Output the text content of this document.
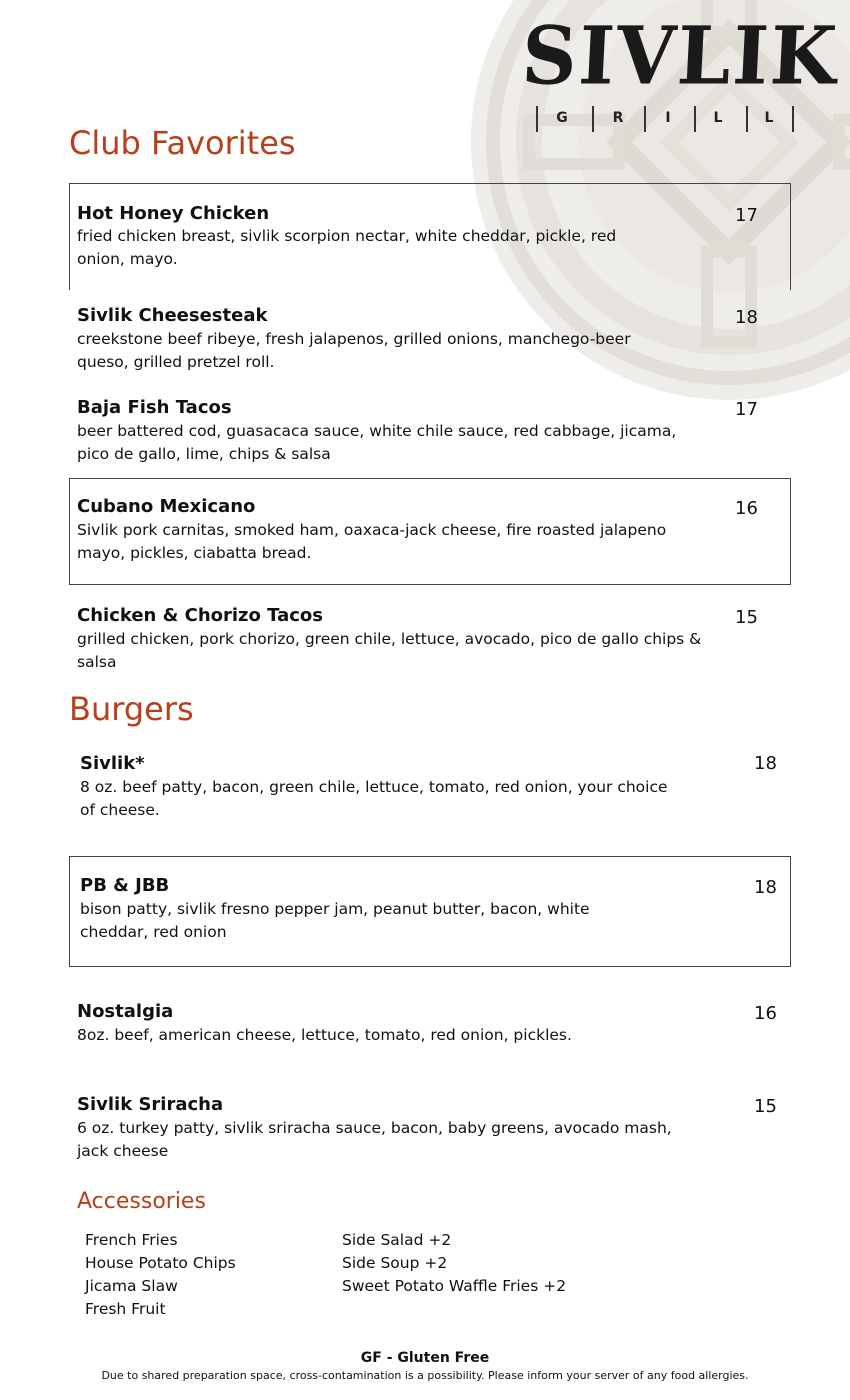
SIVLIK
G	R	I	L	L
Club Favorites
Hot Honey Chicken
fried chicken breast, sivlik scorpion nectar, white cheddar, pickle, red onion, mayo.
17
Sivlik Cheesesteak
creekstone beef ribeye, fresh jalapenos, grilled onions, manchego-beer queso, grilled pretzel roll.
18
Baja Fish Tacos
beer battered cod, guasacaca sauce, white chile sauce, red cabbage, jicama, pico de gallo, lime, chips & salsa
17
Cubano Mexicano
Sivlik pork carnitas, smoked ham, oaxaca-jack cheese, fire roasted jalapeno mayo, pickles, ciabatta bread.
16
Chicken & Chorizo Tacos
grilled chicken, pork chorizo, green chile, lettuce, avocado, pico de gallo chips & salsa
15
Burgers
Sivlik*
8 oz. beef patty, bacon, green chile, lettuce, tomato, red onion, your choice of cheese.
18
PB & JBB
bison patty, sivlik fresno pepper jam, peanut butter, bacon, white cheddar, red onion
18
Nostalgia
8oz. beef, american cheese, lettuce, tomato, red onion, pickles.
16
Sivlik Sriracha
6 oz. turkey patty, sivlik sriracha sauce, bacon, baby greens, avocado mash, jack cheese
15
Accessories
French Fries
House Potato Chips
Jicama Slaw
Fresh Fruit
Side Salad +2
Side Soup +2
Sweet Potato Waffle Fries +2
GF - Gluten Free
Due to shared preparation space, cross-contamination is a possibility. Please inform your server of any food allergies.
